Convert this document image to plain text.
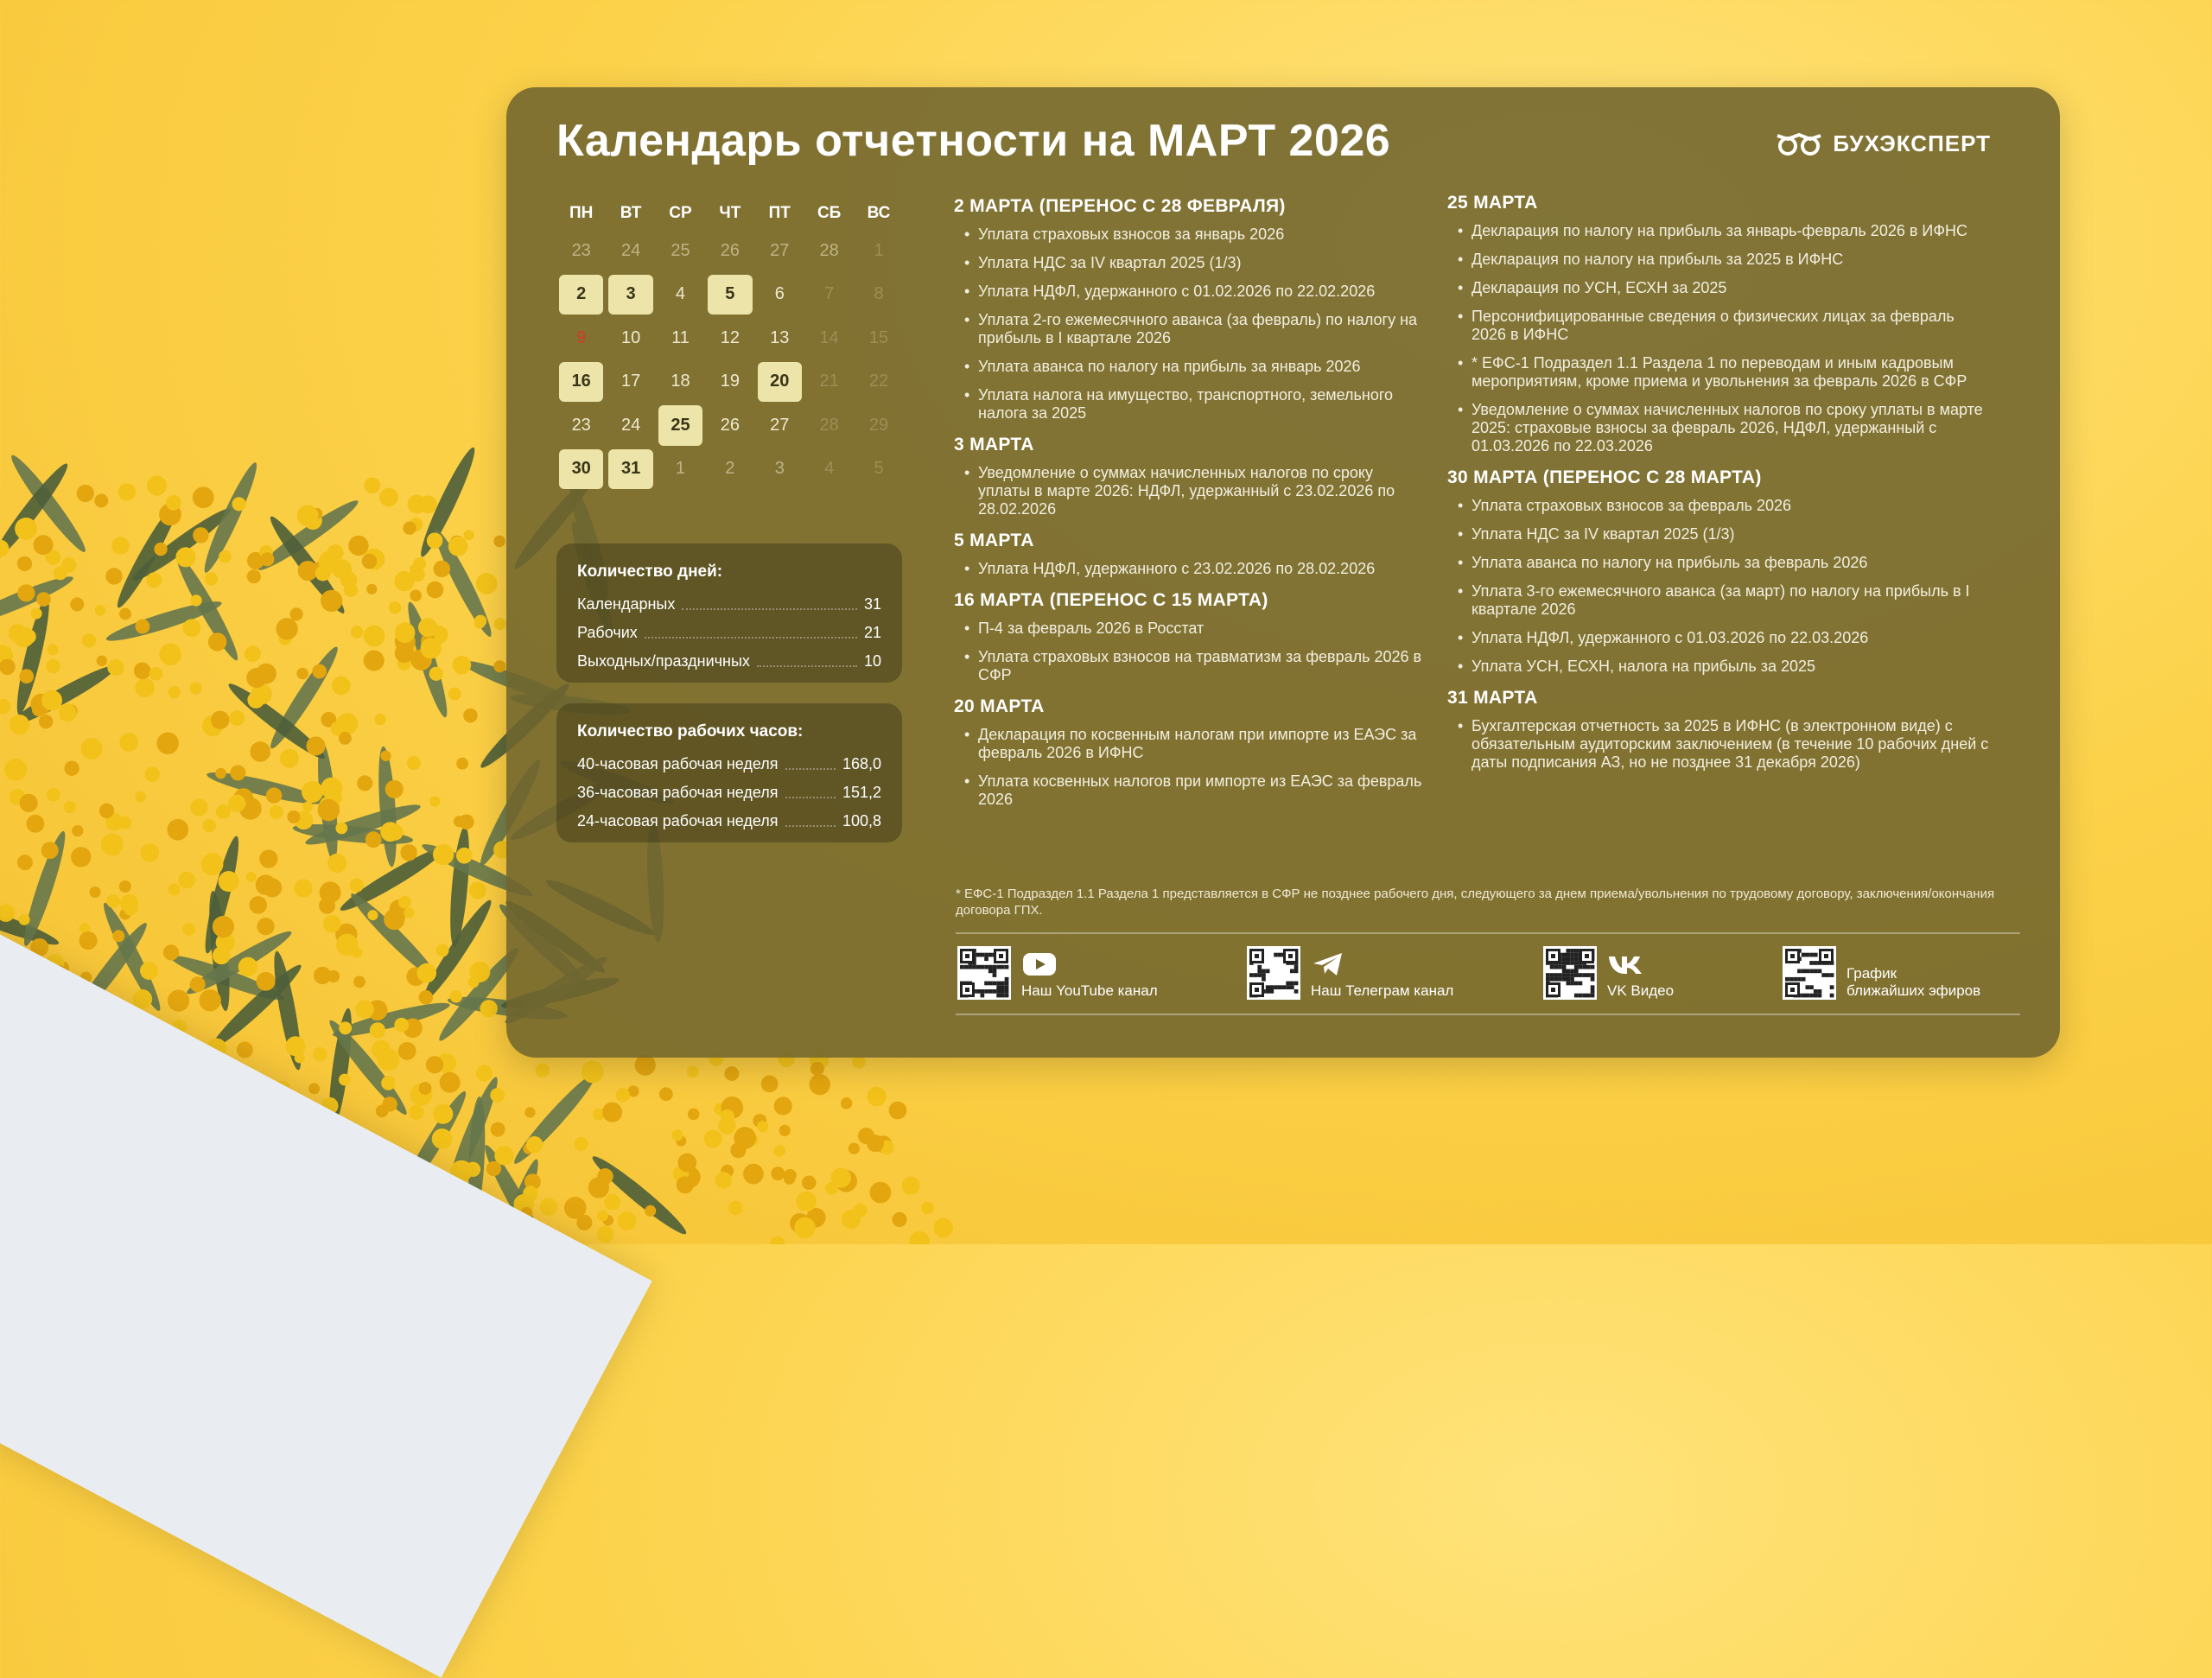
Календарь отчетности на МАРТ 2026	БУХЭКСПЕРТ
ПН	ВТ	СР	ЧТ	ПТ	СБ	ВС
23	24	25	26	27	28	1
2	3	4	5	6	7	8
9	10	11	12	13	14	15
16	17	18	19	20	21	22
23	24	25	26	27	28	29
30	31	1	2	3	4	5
Количество дней:
Календарных	31
Рабочих	21
Выходных/праздничных	10
Количество рабочих часов:
40-часовая рабочая неделя	168,0
36-часовая рабочая неделя	151,2
24-часовая рабочая неделя	100,8
2 МАРТА (ПЕРЕНОС С 28 ФЕВРАЛЯ)
• Уплата страховых взносов за январь 2026
• Уплата НДС за IV квартал 2025 (1/3)
• Уплата НДФЛ, удержанного с 01.02.2026 по 22.02.2026
• Уплата 2-го ежемесячного аванса (за февраль) по налогу на прибыль в I квартале 2026
• Уплата аванса по налогу на прибыль за январь 2026
• Уплата налога на имущество, транспортного, земельного налога за 2025
3 МАРТА
• Уведомление о суммах начисленных налогов по сроку уплаты в марте 2026: НДФЛ, удержанный с 23.02.2026 по 28.02.2026
5 МАРТА
• Уплата НДФЛ, удержанного с 23.02.2026 по 28.02.2026
16 МАРТА (ПЕРЕНОС С 15 МАРТА)
• П-4 за февраль 2026 в Росстат
• Уплата страховых взносов на травматизм за февраль 2026 в СФР
20 МАРТА
• Декларация по косвенным налогам при импорте из ЕАЭС за февраль 2026 в ИФНС
• Уплата косвенных налогов при импорте из ЕАЭС за февраль 2026
25 МАРТА
• Декларация по налогу на прибыль за январь-февраль 2026 в ИФНС
• Декларация по налогу на прибыль за 2025 в ИФНС
• Декларация по УСН, ЕСХН за 2025
• Персонифицированные сведения о физических лицах за февраль 2026 в ИФНС
• * ЕФС-1 Подраздел 1.1 Раздела 1 по переводам и иным кадровым мероприятиям, кроме приема и увольнения за февраль 2026 в СФР
• Уведомление о суммах начисленных налогов по сроку уплаты в марте 2025: страховые взносы за февраль 2026, НДФЛ, удержанный с 01.03.2026 по 22.03.2026
30 МАРТА (ПЕРЕНОС С 28 МАРТА)
• Уплата страховых взносов за февраль 2026
• Уплата НДС за IV квартал 2025 (1/3)
• Уплата аванса по налогу на прибыль за февраль 2026
• Уплата 3-го ежемесячного аванса (за март) по налогу на прибыль в I квартале 2026
• Уплата НДФЛ, удержанного с 01.03.2026 по 22.03.2026
• Уплата УСН, ЕСХН, налога на прибыль за 2025
31 МАРТА
• Бухгалтерская отчетность за 2025 в ИФНС (в электронном виде) с обязательным аудиторским заключением (в течение 10 рабочих дней с даты подписания АЗ, но не позднее 31 декабря 2026)
* ЕФС-1 Подраздел 1.1 Раздела 1 представляется в СФР не позднее рабочего дня, следующего за днем приема/увольнения по трудовому договору, заключения/окончания договора ГПХ.
Наш YouTube канал	Наш Телеграм канал	VK Видео
График
ближайших эфиров
